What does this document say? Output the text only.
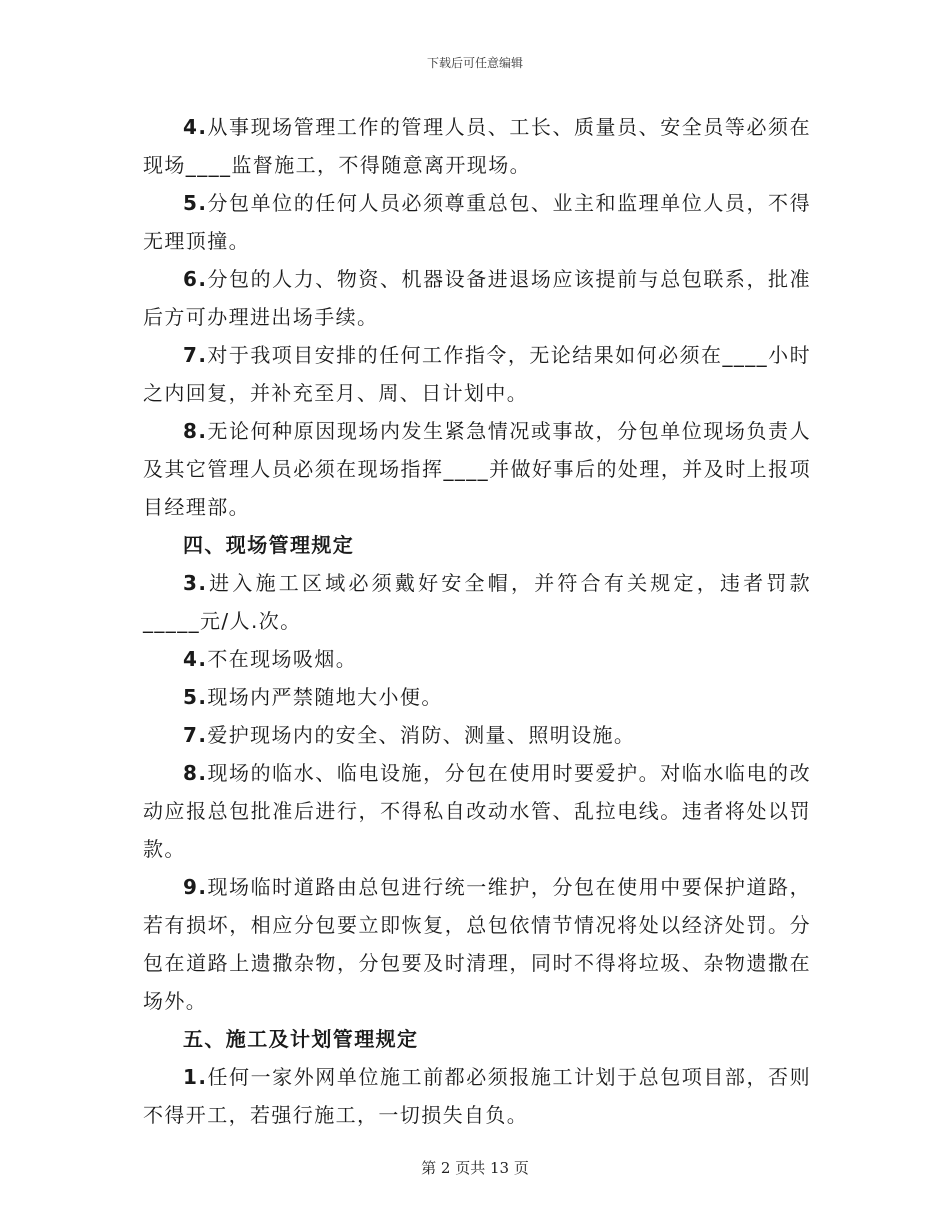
下载后可任意编辑

4.从事现场管理工作的管理人员、工长、质量员、安全员等必须在现场____监督施工，不得随意离开现场。

5.分包单位的任何人员必须尊重总包、业主和监理单位人员，不得无理顶撞。

6.分包的人力、物资、机器设备进退场应该提前与总包联系，批准后方可办理进出场手续。

7.对于我项目安排的任何工作指令，无论结果如何必须在____小时之内回复，并补充至月、周、日计划中。

8.无论何种原因现场内发生紧急情况或事故，分包单位现场负责人及其它管理人员必须在现场指挥____并做好事后的处理，并及时上报项目经理部。

四、现场管理规定

3.进入施工区域必须戴好安全帽，并符合有关规定，违者罚款_____元/人.次。

4.不在现场吸烟。

5.现场内严禁随地大小便。

7.爱护现场内的安全、消防、测量、照明设施。

8.现场的临水、临电设施，分包在使用时要爱护。对临水临电的改动应报总包批准后进行，不得私自改动水管、乱拉电线。违者将处以罚款。

9.现场临时道路由总包进行统一维护，分包在使用中要保护道路，若有损坏，相应分包要立即恢复，总包依情节情况将处以经济处罚。分包在道路上遗撒杂物，分包要及时清理，同时不得将垃圾、杂物遗撒在场外。

五、施工及计划管理规定

1.任何一家外网单位施工前都必须报施工计划于总包项目部，否则不得开工，若强行施工，一切损失自负。

第 2 页共 13 页
